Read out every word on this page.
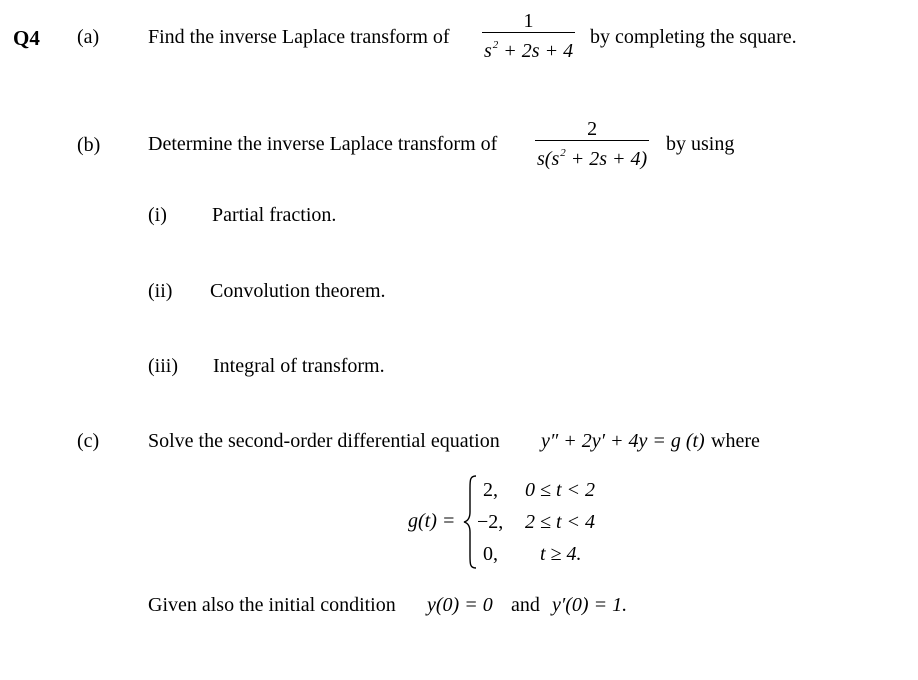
Q4 (a) Find the inverse Laplace transform of
1
$s^2 + 2s + 4$
by completing the square.
(b) Determine the inverse Laplace transform of
2
$s(s^2 + 2s + 4)$
by using
(i) Partial fraction.
(ii) Convolution theorem.
(iii) Integral of transform.
(c) Solve the second-order differential equation y″ + 2y′ + 4y = g (t) where
g(t) =
2, 0 ≤ t < 2
−2, 2 ≤ t < 4
0, t ≥ 4.
Given also the initial condition y(0) = 0 and y′(0) = 1.
